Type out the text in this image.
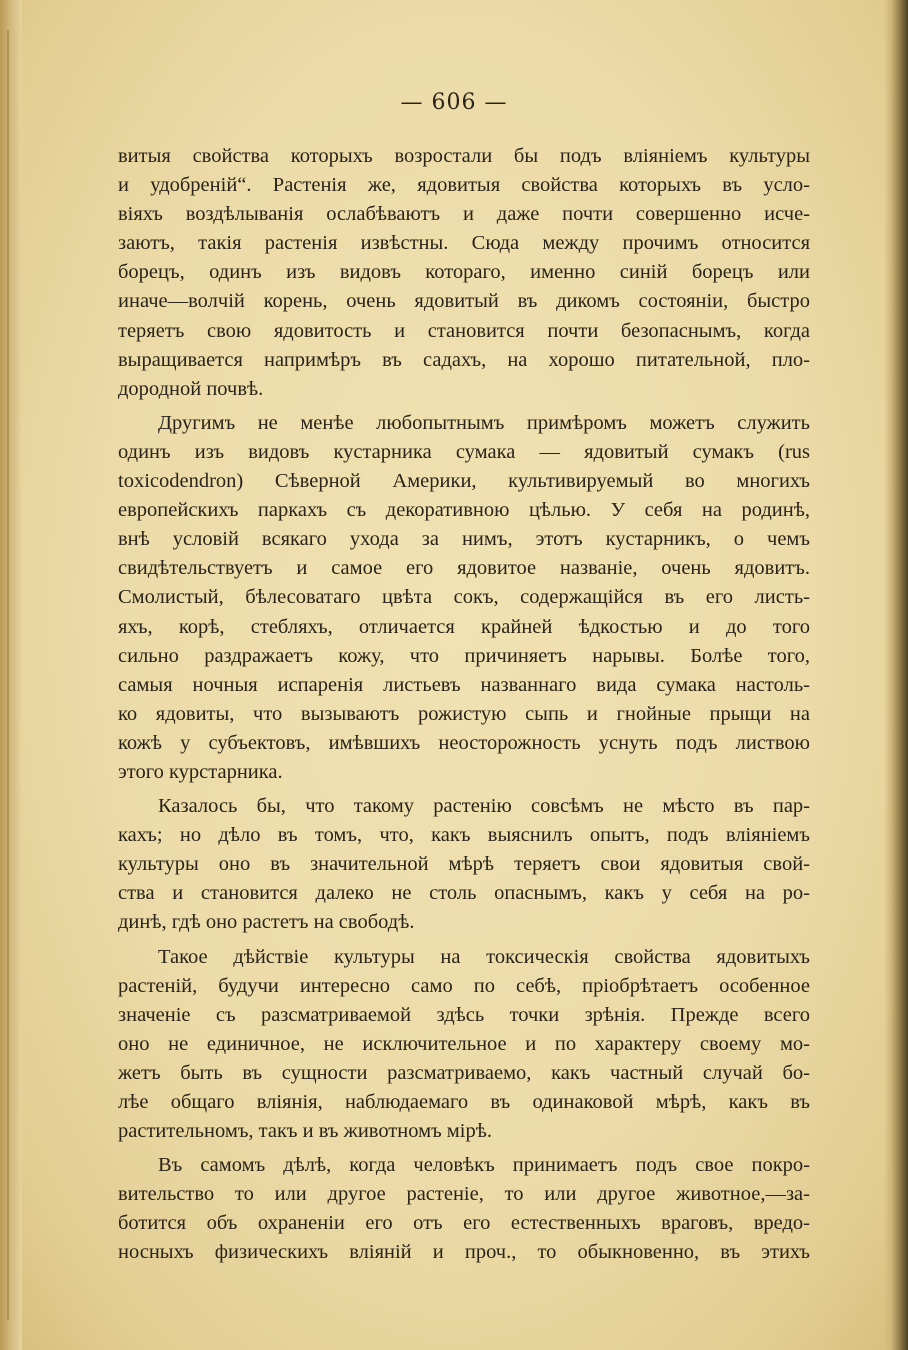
— 606 —
витыя свойства которыхъ возростали бы подъ вліяніемъ культуры
и удобреній“. Растенія же, ядовитыя свойства которыхъ въ усло-
віяхъ воздѣлыванія ослабѣваютъ и даже почти совершенно исче-
заютъ, такія растенія извѣстны. Сюда между прочимъ относится
борецъ, одинъ изъ видовъ котораго, именно синій борецъ или
иначе—волчій корень, очень ядовитый въ дикомъ состояніи, быстро
теряетъ свою ядовитость и становится почти безопаснымъ, когда
выращивается напримѣръ въ садахъ, на хорошо питательной, пло-
дородной почвѣ.
Другимъ не менѣе любопытнымъ примѣромъ можетъ служить
одинъ изъ видовъ кустарника сумака — ядовитый сумакъ (rus
toxicodendron) Сѣверной Америки, культивируемый во многихъ
европейскихъ паркахъ съ декоративною цѣлью. У себя на родинѣ,
внѣ условій всякаго ухода за нимъ, этотъ кустарникъ, о чемъ
свидѣтельствуетъ и самое его ядовитое названіе, очень ядовитъ.
Смолистый, бѣлесоватаго цвѣта сокъ, содержащійся въ его листь-
яхъ, корѣ, стебляхъ, отличается крайней ѣдкостью и до того
сильно раздражаетъ кожу, что причиняетъ нарывы. Болѣе того,
самыя ночныя испаренія листьевъ названнаго вида сумака настоль-
ко ядовиты, что вызываютъ рожистую сыпь и гнойные прыщи на
кожѣ у субъектовъ, имѣвшихъ неосторожность уснуть подъ листвою
этого курстарника.
Казалось бы, что такому растенію совсѣмъ не мѣсто въ пар-
кахъ; но дѣло въ томъ, что, какъ выяснилъ опытъ, подъ вліяніемъ
культуры оно въ значительной мѣрѣ теряетъ свои ядовитыя свой-
ства и становится далеко не столь опаснымъ, какъ у себя на ро-
динѣ, гдѣ оно растетъ на свободѣ.
Такое дѣйствіе культуры на токсическія свойства ядовитыхъ
растеній, будучи интересно само по себѣ, пріобрѣтаетъ особенное
значеніе съ разсматриваемой здѣсь точки зрѣнія. Прежде всего
оно не единичное, не исключительное и по характеру своему мо-
жетъ быть въ сущности разсматриваемо, какъ частный случай бо-
лѣе общаго вліянія, наблюдаемаго въ одинаковой мѣрѣ, какъ въ
растительномъ, такъ и въ животномъ мірѣ.
Въ самомъ дѣлѣ, когда человѣкъ принимаетъ подъ свое покро-
вительство то или другое растеніе, то или другое животное,—за-
ботится объ охраненіи его отъ его естественныхъ враговъ, вредо-
носныхъ физическихъ вліяній и проч., то обыкновенно, въ этихъ
